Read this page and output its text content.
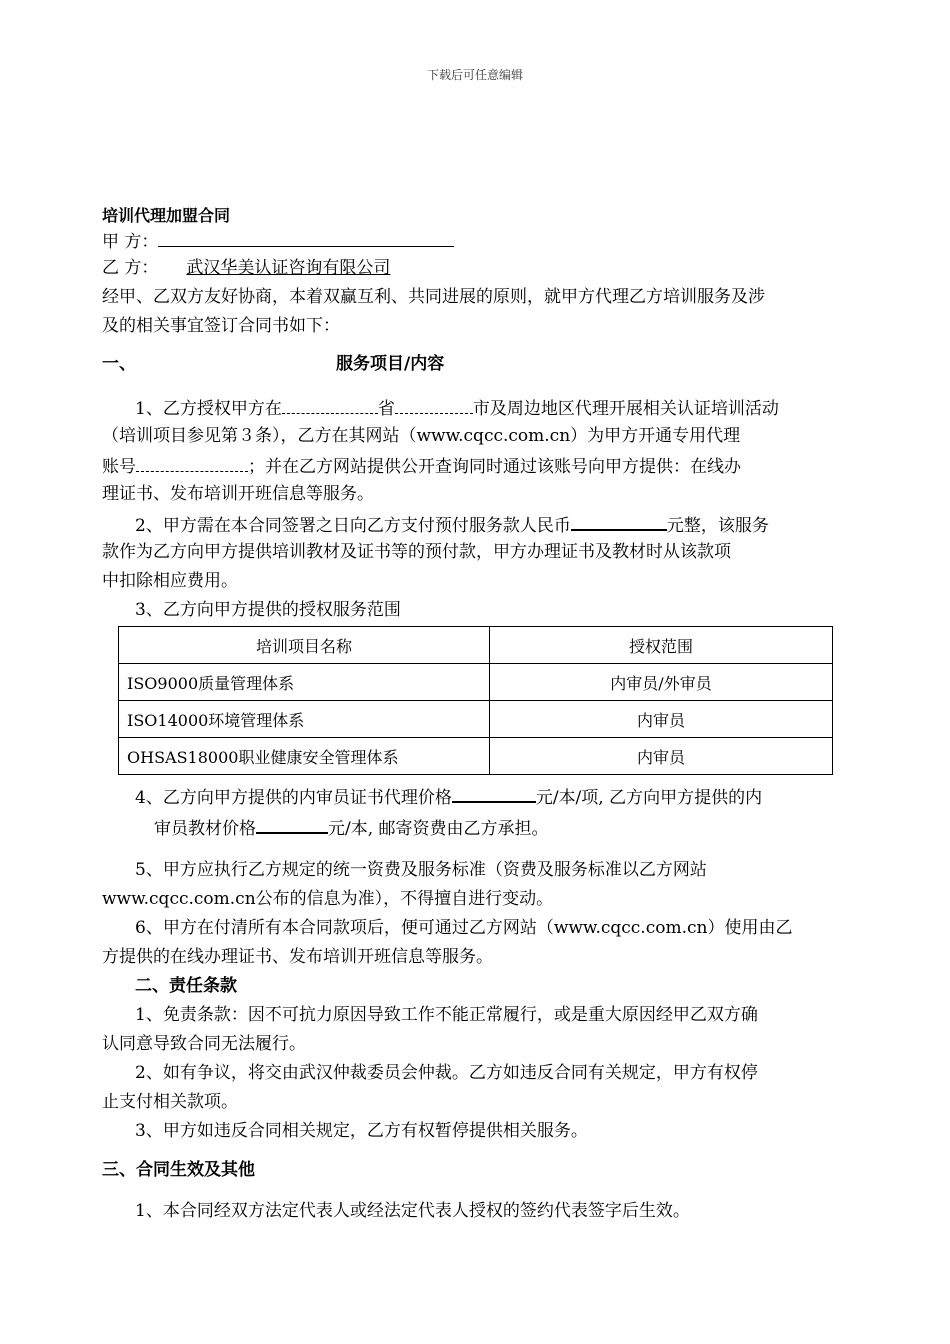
下载后可任意编辑
培训代理加盟合同
甲 方：
乙 方： 武汉华美认证咨询有限公司
经甲、乙双方友好协商，本着双赢互利、共同进展的原则，就甲方代理乙方培训服务及涉
及的相关事宜签订合同书如下：
一、	服务项目/内容
1、乙方授权甲方在	省	市及周边地区代理开展相关认证培训活动
（培训项目参见第３条），乙方在其网站（www.cqcc.com.cn）为甲方开通专用代理
账号	；并在乙方网站提供公开查询同时通过该账号向甲方提供：在线办
理证书、发布培训开班信息等服务。
2、甲方需在本合同签署之日向乙方支付预付服务款人民币	元整，该服务
款作为乙方向甲方提供培训教材及证书等的预付款，甲方办理证书及教材时从该款项
中扣除相应费用。
3、乙方向甲方提供的授权服务范围
培训项目名称	授权范围
ISO9000质量管理体系	内审员/外审员
ISO14000环境管理体系	内审员
OHSAS18000职业健康安全管理体系	内审员
4、乙方向甲方提供的内审员证书代理价格	元/本/项, 乙方向甲方提供的内
审员教材价格	元/本, 邮寄资费由乙方承担。
5、甲方应执行乙方规定的统一资费及服务标准（资费及服务标准以乙方网站
www.cqcc.com.cn公布的信息为准），不得擅自进行变动。
6、甲方在付清所有本合同款项后，便可通过乙方网站（www.cqcc.com.cn）使用由乙
方提供的在线办理证书、发布培训开班信息等服务。
二、责任条款
1、免责条款：因不可抗力原因导致工作不能正常履行，或是重大原因经甲乙双方确
认同意导致合同无法履行。
2、如有争议，将交由武汉仲裁委员会仲裁。乙方如违反合同有关规定，甲方有权停
止支付相关款项。
3、甲方如违反合同相关规定，乙方有权暂停提供相关服务。
三、合同生效及其他
1、本合同经双方法定代表人或经法定代表人授权的签约代表签字后生效。
